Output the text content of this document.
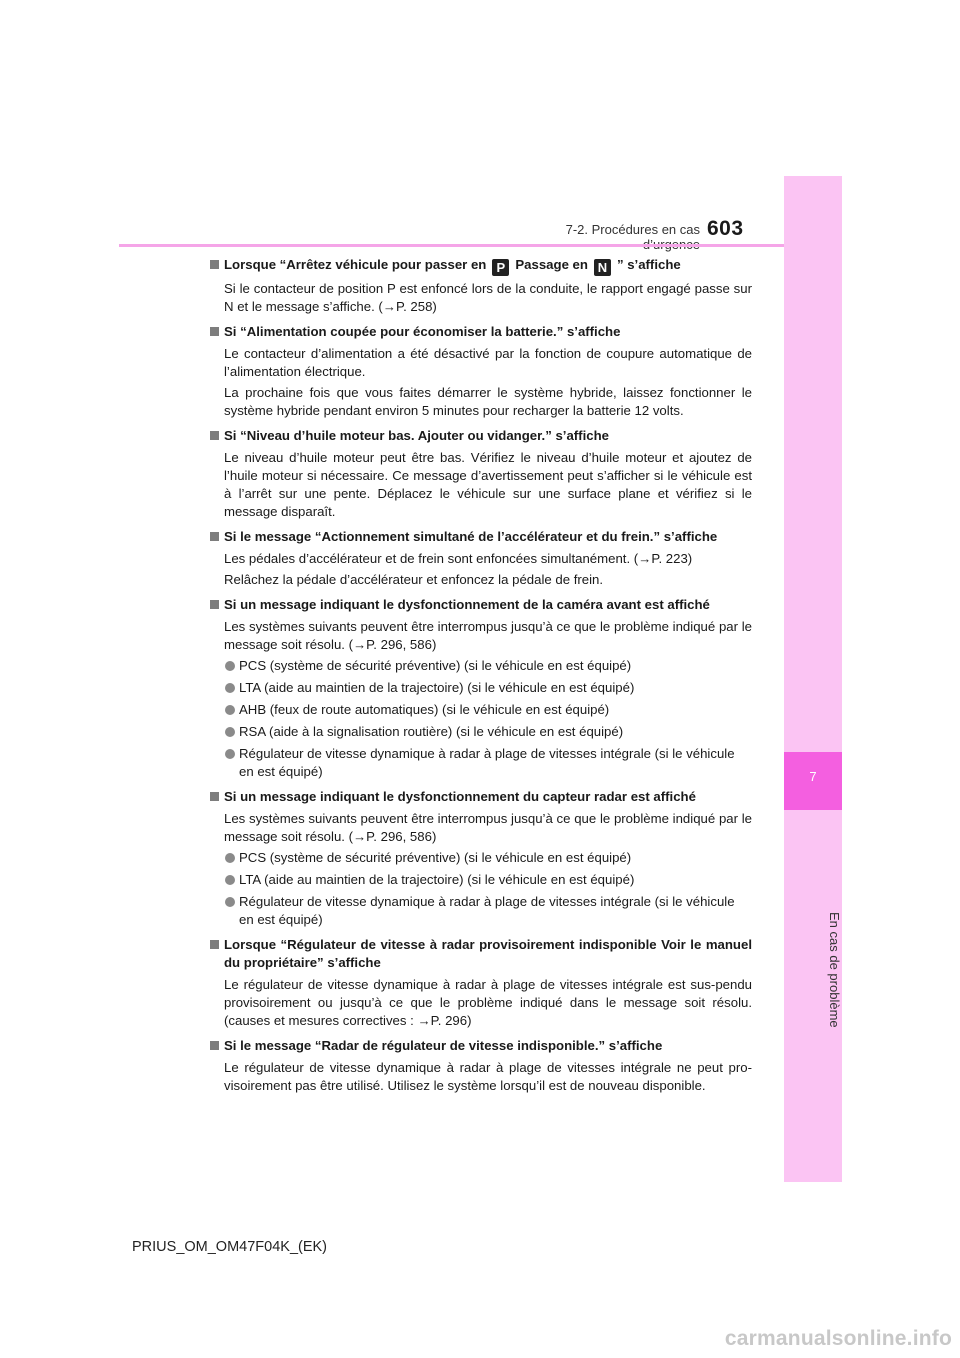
7
En cas de problème
7-2. Procédures en cas 603
Lorsque “Arrêtez véhicule pour passer en P Passage en N ” s’affiche
Si le contacteur de position P est enfoncé lors de la conduite, le rapport engagé passe sur N et le message s’affiche. (→P. 258)
Si “Alimentation coupée pour économiser la batterie.” s’affiche
Le contacteur d’alimentation a été désactivé par la fonction de coupure automatique de l’alimentation électrique.
La prochaine fois que vous faites démarrer le système hybride, laissez fonctionner le système hybride pendant environ 5 minutes pour recharger la batterie 12 volts.
Si “Niveau d’huile moteur bas. Ajouter ou vidanger.” s’affiche
Le niveau d’huile moteur peut être bas. Vérifiez le niveau d’huile moteur et ajoutez de l’huile moteur si nécessaire. Ce message d’avertissement peut s’afficher si le véhicule est à l’arrêt sur une pente. Déplacez le véhicule sur une surface plane et vérifiez si le message disparaît.
Si le message “Actionnement simultané de l’accélérateur et du frein.” s’affiche
Les pédales d’accélérateur et de frein sont enfoncées simultanément. (→P. 223)
Relâchez la pédale d’accélérateur et enfoncez la pédale de frein.
Si un message indiquant le dysfonctionnement de la caméra avant est affiché
Les systèmes suivants peuvent être interrompus jusqu’à ce que le problème indiqué par le message soit résolu. (→P. 296, 586)
PCS (système de sécurité préventive) (si le véhicule en est équipé)
LTA (aide au maintien de la trajectoire) (si le véhicule en est équipé)
AHB (feux de route automatiques) (si le véhicule en est équipé)
RSA (aide à la signalisation routière) (si le véhicule en est équipé)
Régulateur de vitesse dynamique à radar à plage de vitesses intégrale (si le véhicule en est équipé)
Si un message indiquant le dysfonctionnement du capteur radar est affiché
Les systèmes suivants peuvent être interrompus jusqu’à ce que le problème indiqué par le message soit résolu. (→P. 296, 586)
PCS (système de sécurité préventive) (si le véhicule en est équipé)
LTA (aide au maintien de la trajectoire) (si le véhicule en est équipé)
Régulateur de vitesse dynamique à radar à plage de vitesses intégrale (si le véhicule en est équipé)
Lorsque “Régulateur de vitesse à radar provisoirement indisponible Voir le manuel du propriétaire” s’affiche
Le régulateur de vitesse dynamique à radar à plage de vitesses intégrale est sus-pendu provisoirement ou jusqu’à ce que le problème indiqué dans le message soit résolu. (causes et mesures correctives : →P. 296)
Si le message “Radar de régulateur de vitesse indisponible.” s’affiche
Le régulateur de vitesse dynamique à radar à plage de vitesses intégrale ne peut pro-visoirement pas être utilisé. Utilisez le système lorsqu’il est de nouveau disponible.
PRIUS_OM_OM47F04K_(EK)
carmanualsonline.info
